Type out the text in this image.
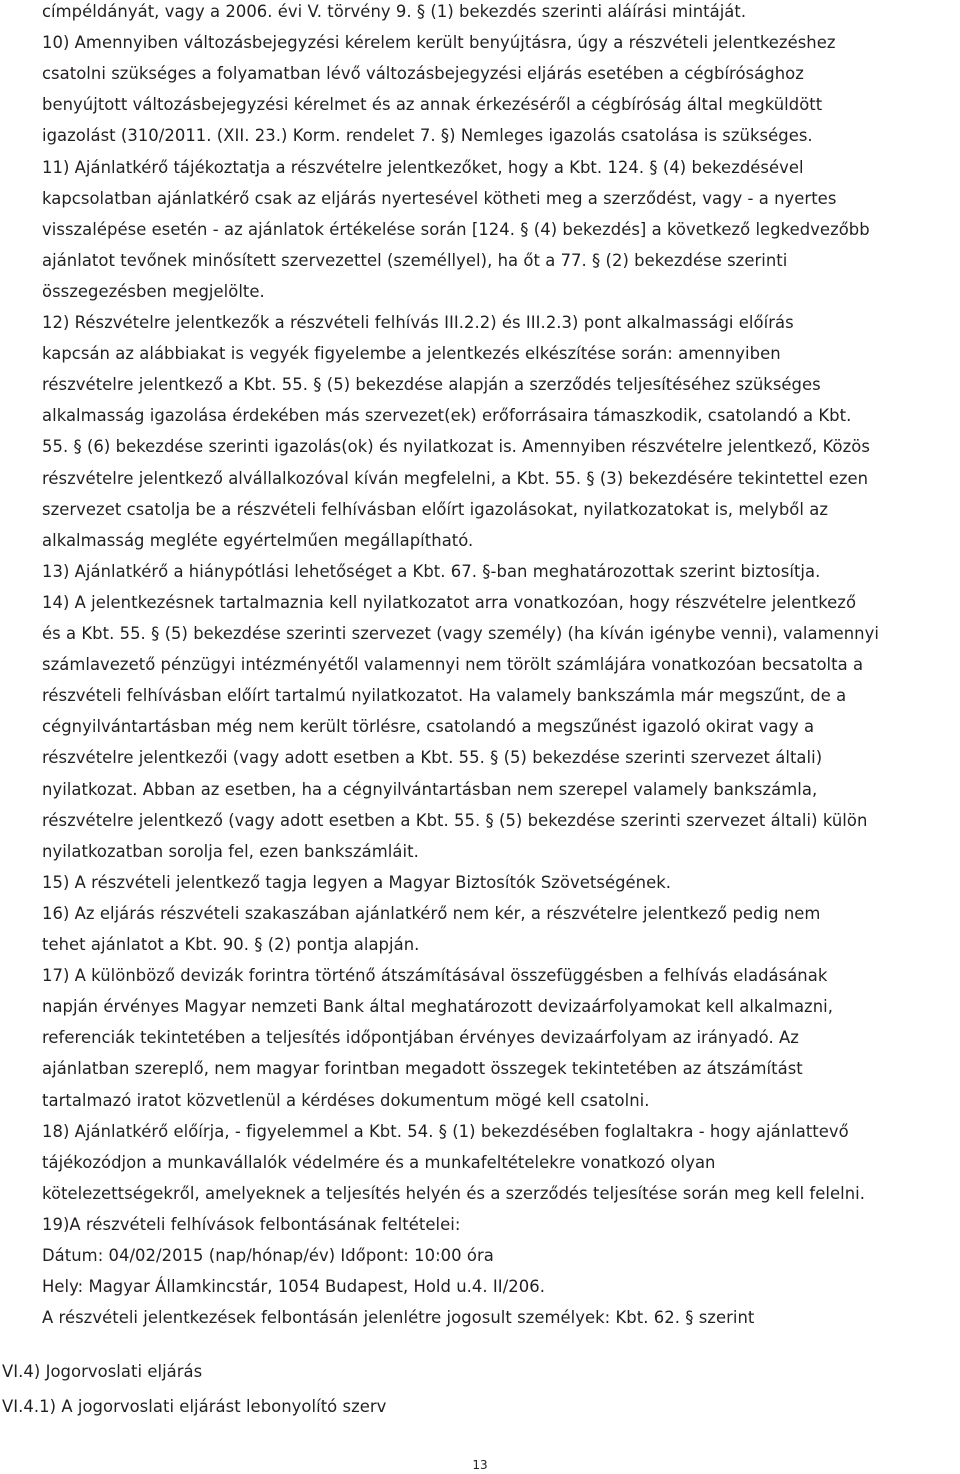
címpéldányát, vagy a 2006. évi V. törvény 9. § (1) bekezdés szerinti aláírási mintáját.
10) Amennyiben változásbejegyzési kérelem került benyújtásra, úgy a részvételi jelentkezéshez
csatolni szükséges a folyamatban lévő változásbejegyzési eljárás esetében a cégbírósághoz
benyújtott változásbejegyzési kérelmet és az annak érkezéséről a cégbíróság által megküldött
igazolást (310/2011. (XII. 23.) Korm. rendelet 7. §) Nemleges igazolás csatolása is szükséges.
11) Ajánlatkérő tájékoztatja a részvételre jelentkezőket, hogy a Kbt. 124. § (4) bekezdésével
kapcsolatban ajánlatkérő csak az eljárás nyertesével kötheti meg a szerződést, vagy - a nyertes
visszalépése esetén - az ajánlatok értékelése során [124. § (4) bekezdés] a következő legkedvezőbb
ajánlatot tevőnek minősített szervezettel (személlyel), ha őt a 77. § (2) bekezdése szerinti
összegezésben megjelölte.
12) Részvételre jelentkezők a részvételi felhívás III.2.2) és III.2.3) pont alkalmassági előírás
kapcsán az alábbiakat is vegyék figyelembe a jelentkezés elkészítése során: amennyiben
részvételre jelentkező a Kbt. 55. § (5) bekezdése alapján a szerződés teljesítéséhez szükséges
alkalmasság igazolása érdekében más szervezet(ek) erőforrásaira támaszkodik, csatolandó a Kbt.
55. § (6) bekezdése szerinti igazolás(ok) és nyilatkozat is. Amennyiben részvételre jelentkező, Közös
részvételre jelentkező alvállalkozóval kíván megfelelni, a Kbt. 55. § (3) bekezdésére tekintettel ezen
szervezet csatolja be a részvételi felhívásban előírt igazolásokat, nyilatkozatokat is, melyből az
alkalmasság megléte egyértelműen megállapítható.
13) Ajánlatkérő a hiánypótlási lehetőséget a Kbt. 67. §-ban meghatározottak szerint biztosítja.
14) A jelentkezésnek tartalmaznia kell nyilatkozatot arra vonatkozóan, hogy részvételre jelentkező
és a Kbt. 55. § (5) bekezdése szerinti szervezet (vagy személy) (ha kíván igénybe venni), valamennyi
számlavezető pénzügyi intézményétől valamennyi nem törölt számlájára vonatkozóan becsatolta a
részvételi felhívásban előírt tartalmú nyilatkozatot. Ha valamely bankszámla már megszűnt, de a
cégnyilvántartásban még nem került törlésre, csatolandó a megszűnést igazoló okirat vagy a
részvételre jelentkezői (vagy adott esetben a Kbt. 55. § (5) bekezdése szerinti szervezet általi)
nyilatkozat. Abban az esetben, ha a cégnyilvántartásban nem szerepel valamely bankszámla,
részvételre jelentkező (vagy adott esetben a Kbt. 55. § (5) bekezdése szerinti szervezet általi) külön
nyilatkozatban sorolja fel, ezen bankszámláit.
15) A részvételi jelentkező tagja legyen a Magyar Biztosítók Szövetségének.
16) Az eljárás részvételi szakaszában ajánlatkérő nem kér, a részvételre jelentkező pedig nem
tehet ajánlatot a Kbt. 90. § (2) pontja alapján.
17) A különböző devizák forintra történő átszámításával összefüggésben a felhívás eladásának
napján érvényes Magyar nemzeti Bank által meghatározott devizaárfolyamokat kell alkalmazni,
referenciák tekintetében a teljesítés időpontjában érvényes devizaárfolyam az irányadó. Az
ajánlatban szereplő, nem magyar forintban megadott összegek tekintetében az átszámítást
tartalmazó iratot közvetlenül a kérdéses dokumentum mögé kell csatolni.
18) Ajánlatkérő előírja, - figyelemmel a Kbt. 54. § (1) bekezdésében foglaltakra - hogy ajánlattevő
tájékozódjon a munkavállalók védelmére és a munkafeltételekre vonatkozó olyan
kötelezettségekről, amelyeknek a teljesítés helyén és a szerződés teljesítése során meg kell felelni.
19)A részvételi felhívások felbontásának feltételei:
Dátum: 04/02/2015 (nap/hónap/év) Időpont: 10:00 óra
Hely: Magyar Államkincstár, 1054 Budapest, Hold u.4. II/206.
A részvételi jelentkezések felbontásán jelenlétre jogosult személyek: Kbt. 62. § szerint
VI.4) Jogorvoslati eljárás
VI.4.1) A jogorvoslati eljárást lebonyolító szerv
13
